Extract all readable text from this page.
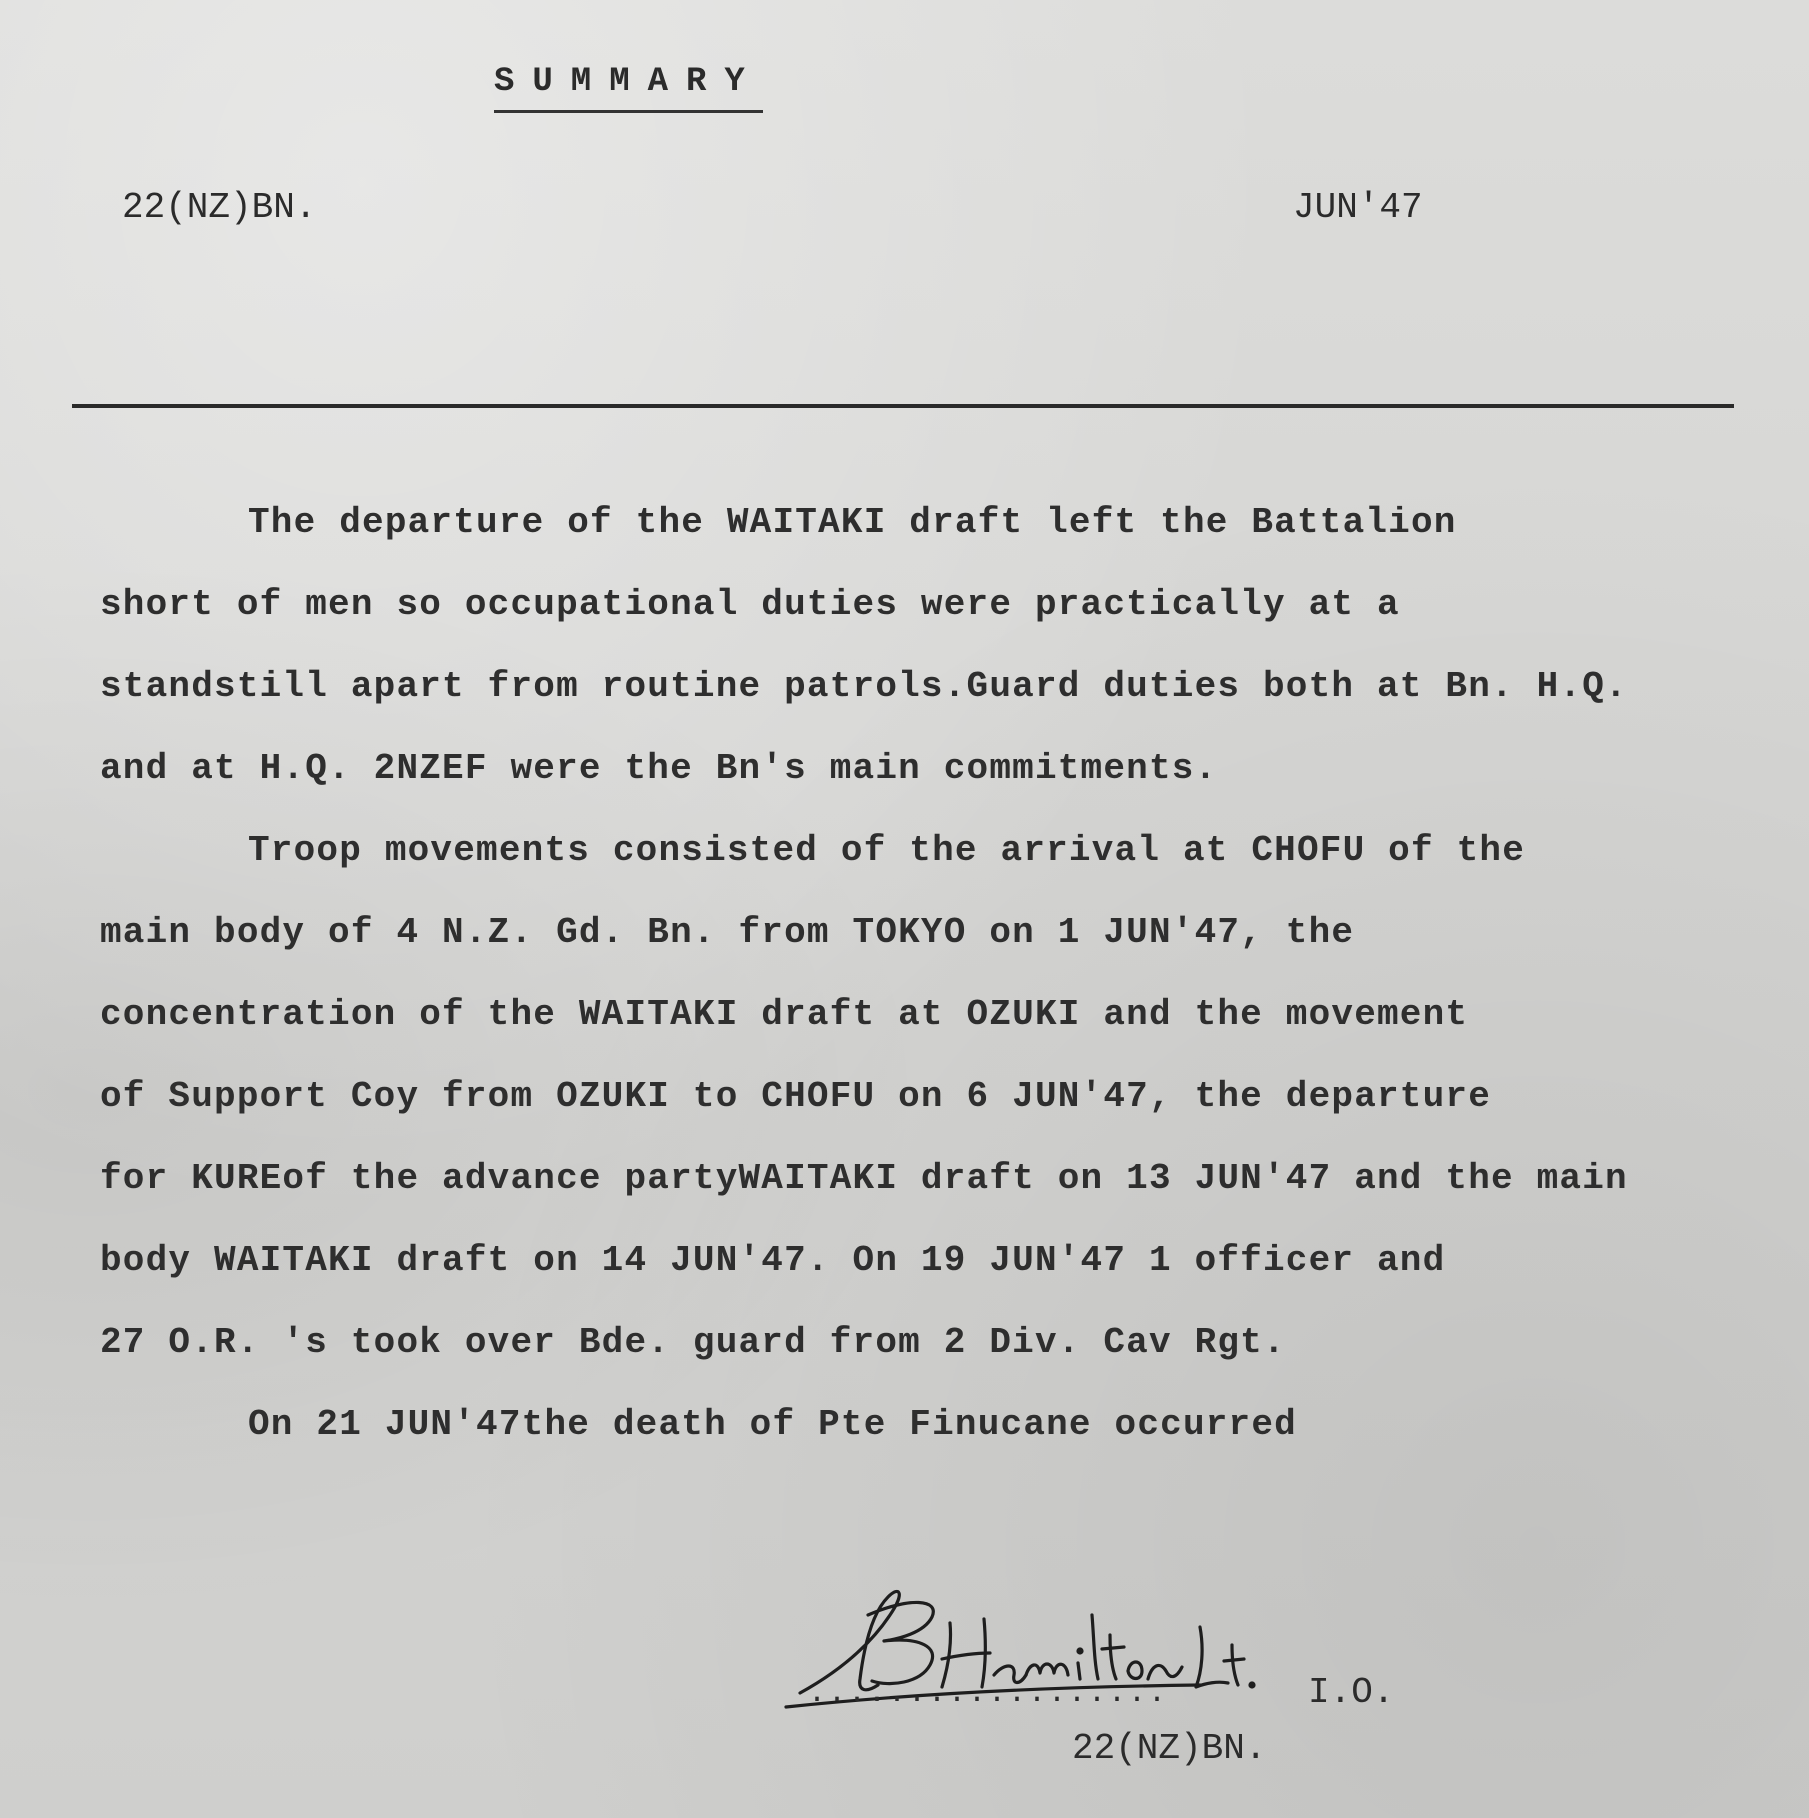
SUMMARY
22(NZ)BN.	JUN'47
The departure of the WAITAKI draft left the Battalion
short of men so occupational duties were practically at a
standstill apart from routine patrols.Guard duties both at Bn. H.Q.
and at H.Q. 2NZEF were the Bn's main commitments.
Troop movements consisted of the arrival at CHOFU of the
main body of 4 N.Z. Gd. Bn. from TOKYO on 1 JUN'47, the
concentration of the WAITAKI draft at OZUKI and the movement
of Support Coy from OZUKI to CHOFU on 6 JUN'47, the departure
for KUREof the advance partyWAITAKI draft on 13 JUN'47 and the main
body WAITAKI draft on 14 JUN'47. On 19 JUN'47 1 officer and
27 O.R. 's took over Bde. guard from 2 Div. Cav Rgt.
On 21 JUN'47the death of Pte Finucane occurred
..................	I.O.
22(NZ)BN.
